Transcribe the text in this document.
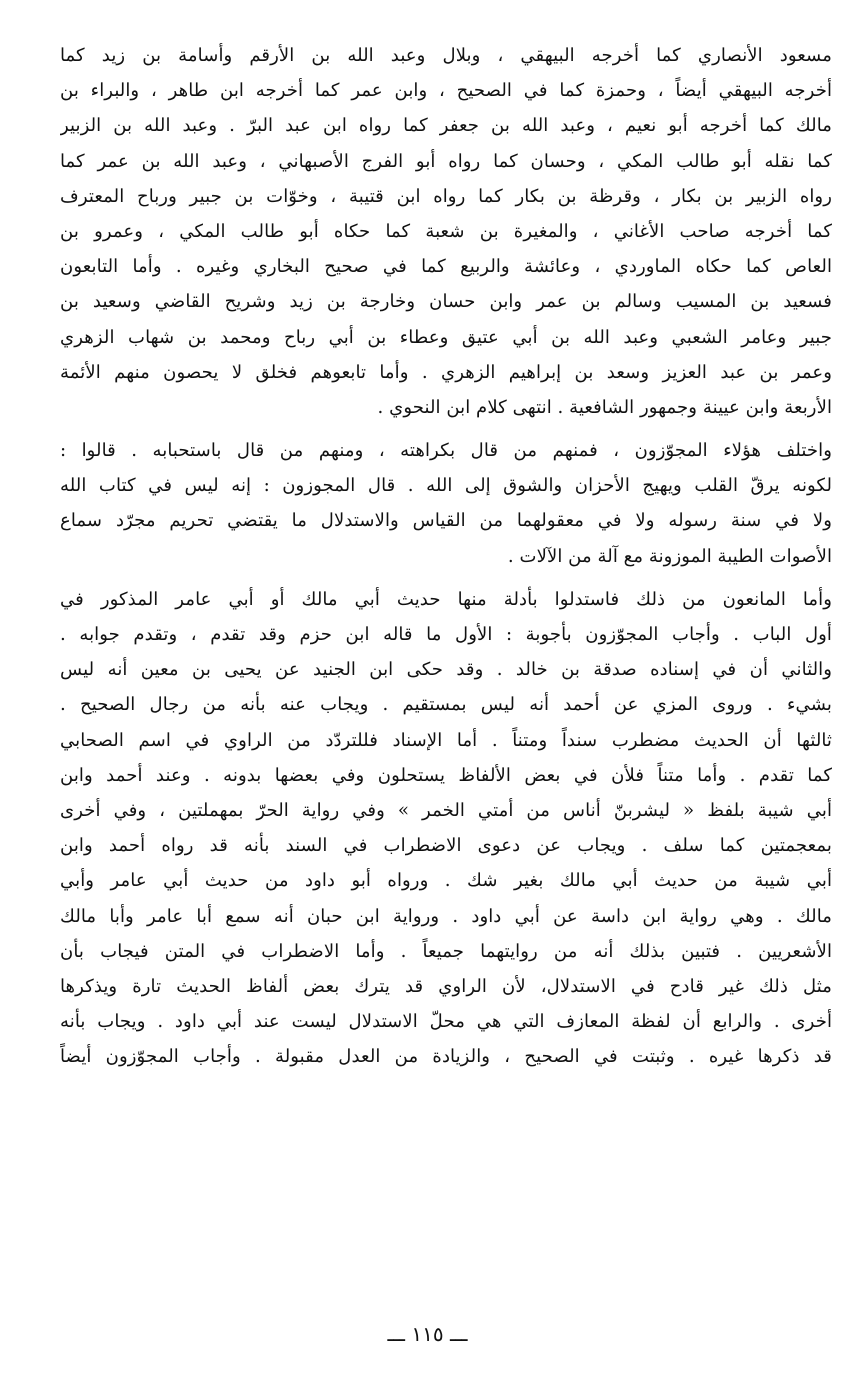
مسعود الأنصاري كما أخرجه البيهقي ، وبلال وعبد الله بن الأرقم وأسامة بن زيد كما
أخرجه البيهقي أيضاً ، وحمزة كما في الصحيح ، وابن عمر كما أخرجه ابن طاهر ، والبراء بن
مالك كما أخرجه أبو نعيم ، وعبد الله بن جعفر كما رواه ابن عبد البرّ . وعبد الله بن الزبير
كما نقله أبو طالب المكي ، وحسان كما رواه أبو الفرج الأصبهاني ، وعبد الله بن عمر كما
رواه الزبير بن بكار ، وقرظة بن بكار كما رواه ابن قتيبة ، وخوّات بن جبير ورباح المعترف
كما أخرجه صاحب الأغاني ، والمغيرة بن شعبة كما حكاه أبو طالب المكي ، وعمرو بن
العاص كما حكاه الماوردي ، وعائشة والربيع كما في صحيح البخاري وغيره . وأما التابعون
فسعيد بن المسيب وسالم بن عمر وابن حسان وخارجة بن زيد وشريح القاضي وسعيد بن
جبير وعامر الشعبي وعبد الله بن أبي عتيق وعطاء بن أبي رباح ومحمد بن شهاب الزهري
وعمر بن عبد العزيز وسعد بن إبراهيم الزهري . وأما تابعوهم فخلق لا يحصون منهم الأئمة
الأربعة وابن عيينة وجمهور الشافعية . انتهى كلام ابن النحوي .
واختلف هؤلاء المجوّزون ، فمنهم من قال بكراهته ، ومنهم من قال باستحبابه . قالوا :
لكونه يرقّ القلب ويهيج الأحزان والشوق إلى الله . قال المجوزون : إنه ليس في كتاب الله
ولا في سنة رسوله ولا في معقولهما من القياس والاستدلال ما يقتضي تحريم مجرّد سماع
الأصوات الطيبة الموزونة مع آلة من الآلات .
وأما المانعون من ذلك فاستدلوا بأدلة منها حديث أبي مالك أو أبي عامر المذكور في
أول الباب . وأجاب المجوّزون بأجوبة : الأول ما قاله ابن حزم وقد تقدم ، وتقدم جوابه .
والثاني أن في إسناده صدقة بن خالد . وقد حكى ابن الجنيد عن يحيى بن معين أنه ليس
بشيء . وروى المزي عن أحمد أنه ليس بمستقيم . ويجاب عنه بأنه من رجال الصحيح .
ثالثها أن الحديث مضطرب سنداً ومتناً . أما الإسناد فللتردّد من الراوي في اسم الصحابي
كما تقدم . وأما متناً فلأن في بعض الألفاظ يستحلون وفي بعضها بدونه . وعند أحمد وابن
أبي شيبة بلفظ « ليشربنّ أناس من أمتي الخمر » وفي رواية الحرّ بمهملتين ، وفي أخرى
بمعجمتين كما سلف . ويجاب عن دعوى الاضطراب في السند بأنه قد رواه أحمد وابن
أبي شيبة من حديث أبي مالك بغير شك . ورواه أبو داود من حديث أبي عامر وأبي
مالك . وهي رواية ابن داسة عن أبي داود . ورواية ابن حبان أنه سمع أبا عامر وأبا مالك
الأشعريين . فتبين بذلك أنه من روايتهما جميعاً . وأما الاضطراب في المتن فيجاب بأن
مثل ذلك غير قادح في الاستدلال، لأن الراوي قد يترك بعض ألفاظ الحديث تارة ويذكرها
أخرى . والرابع أن لفظة المعازف التي هي محلّ الاستدلال ليست عند أبي داود . ويجاب بأنه
قد ذكرها غيره . وثبتت في الصحيح ، والزيادة من العدل مقبولة . وأجاب المجوّزون أيضاً
ـــ ١١٥ ـــ
